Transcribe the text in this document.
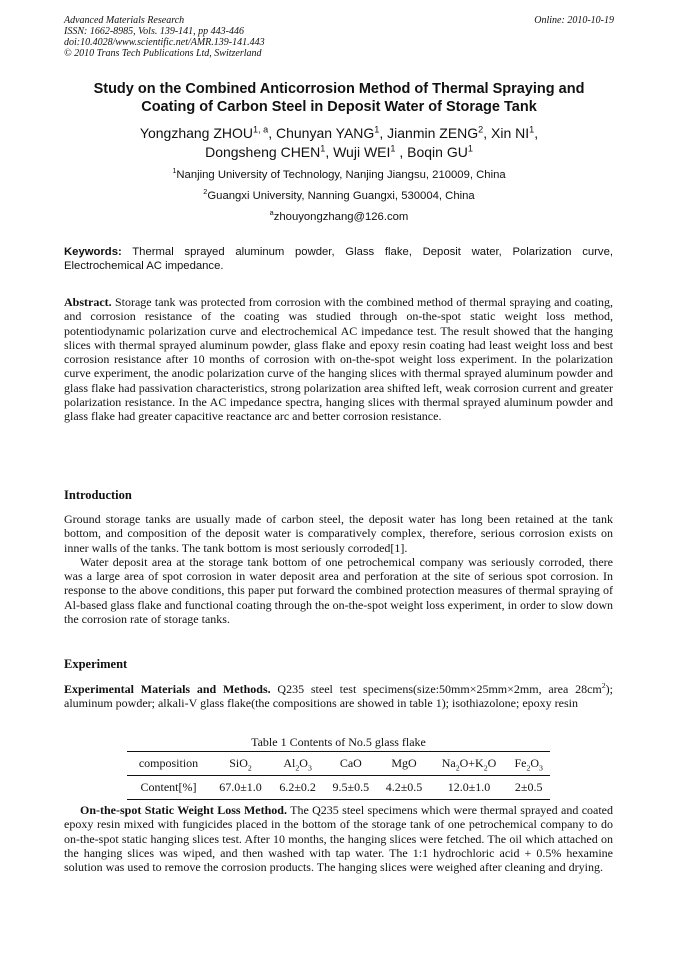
Advanced Materials Research
ISSN: 1662-8985, Vols. 139-141, pp 443-446
doi:10.4028/www.scientific.net/AMR.139-141.443
© 2010 Trans Tech Publications Ltd, Switzerland
Online: 2010-10-19
Study on the Combined Anticorrosion Method of Thermal Spraying and
Coating of Carbon Steel in Deposit Water of Storage Tank
Yongzhang ZHOU$^{1, a}$, Chunyan YANG$^1$, Jianmin ZENG$^2$, Xin $NI^1$,
Dongsheng CHEN$^1$, Wuji WEI$^1$ , Boqin $GU^1$
$^1$Nanjing University of Technology, Nanjing Jiangsu, 210009, China
$^2$Guangxi University, Nanning Guangxi, 530004, China
$^a$zhouyongzhang@126.com
Keywords: Thermal sprayed aluminum powder, Glass flake, Deposit water, Polarization curve, Electrochemical AC impedance.
Abstract. Storage tank was protected from corrosion with the combined method of thermal spraying and coating, and corrosion resistance of the coating was studied through on-the-spot static weight loss method, potentiodynamic polarization curve and electrochemical AC impedance test. The result showed that the hanging slices with thermal sprayed aluminum powder, glass flake and epoxy resin coating had least weight loss and best corrosion resistance after 10 months of corrosion with on-the-spot weight loss experiment. In the polarization curve experiment, the anodic polarization curve of the hanging slices with thermal sprayed aluminum powder and glass flake had passivation characteristics, strong polarization area shifted left, weak corrosion current and greater polarization resistance. In the AC impedance spectra, hanging slices with thermal sprayed aluminum powder and glass flake had greater capacitive reactance arc and better corrosion resistance.
Introduction
Ground storage tanks are usually made of carbon steel, the deposit water has long been retained at the tank bottom, and composition of the deposit water is comparatively complex, therefore, serious corrosion exists on inner walls of the tanks. The tank bottom is most seriously corroded[1].
Water deposit area at the storage tank bottom of one petrochemical company was seriously corroded, there was a large area of spot corrosion in water deposit area and perforation at the site of serious spot corrosion. In response to the above conditions, this paper put forward the combined protection measures of thermal spraying of Al-based glass flake and functional coating through the on-the-spot weight loss experiment, in order to slow down the corrosion rate of storage tanks.
Experiment
Experimental Materials and Methods. Q235 steel test specimens(size:50mm×25mm×2mm, area $28cm^2$); aluminum powder; alkali-V glass flake(the compositions are showed in table 1); isothiazolone; epoxy resin
Table 1 Contents of No.5 glass flake
composition	SiO$_2$	$Al_2O_3$	CaO	MgO	$Na_2O+K_2O$	$Fe_2O_3$
Content[%]	67.0±1.0	6.2±0.2	9.5±0.5	4.2±0.5	12.0±1.0	2±0.5
On-the-spot Static Weight Loss Method. The Q235 steel specimens which were thermal sprayed and coated epoxy resin mixed with fungicides placed in the bottom of the storage tank of one petrochemical company to do on-the-spot static hanging slices test. After 10 months, the hanging slices were fetched. The oil which attached on the hanging slices was wiped, and then washed with tap water. The 1:1 hydrochloric acid + 0.5% hexamine solution was used to remove the corrosion products. The hanging slices were weighed after cleaning and drying.
